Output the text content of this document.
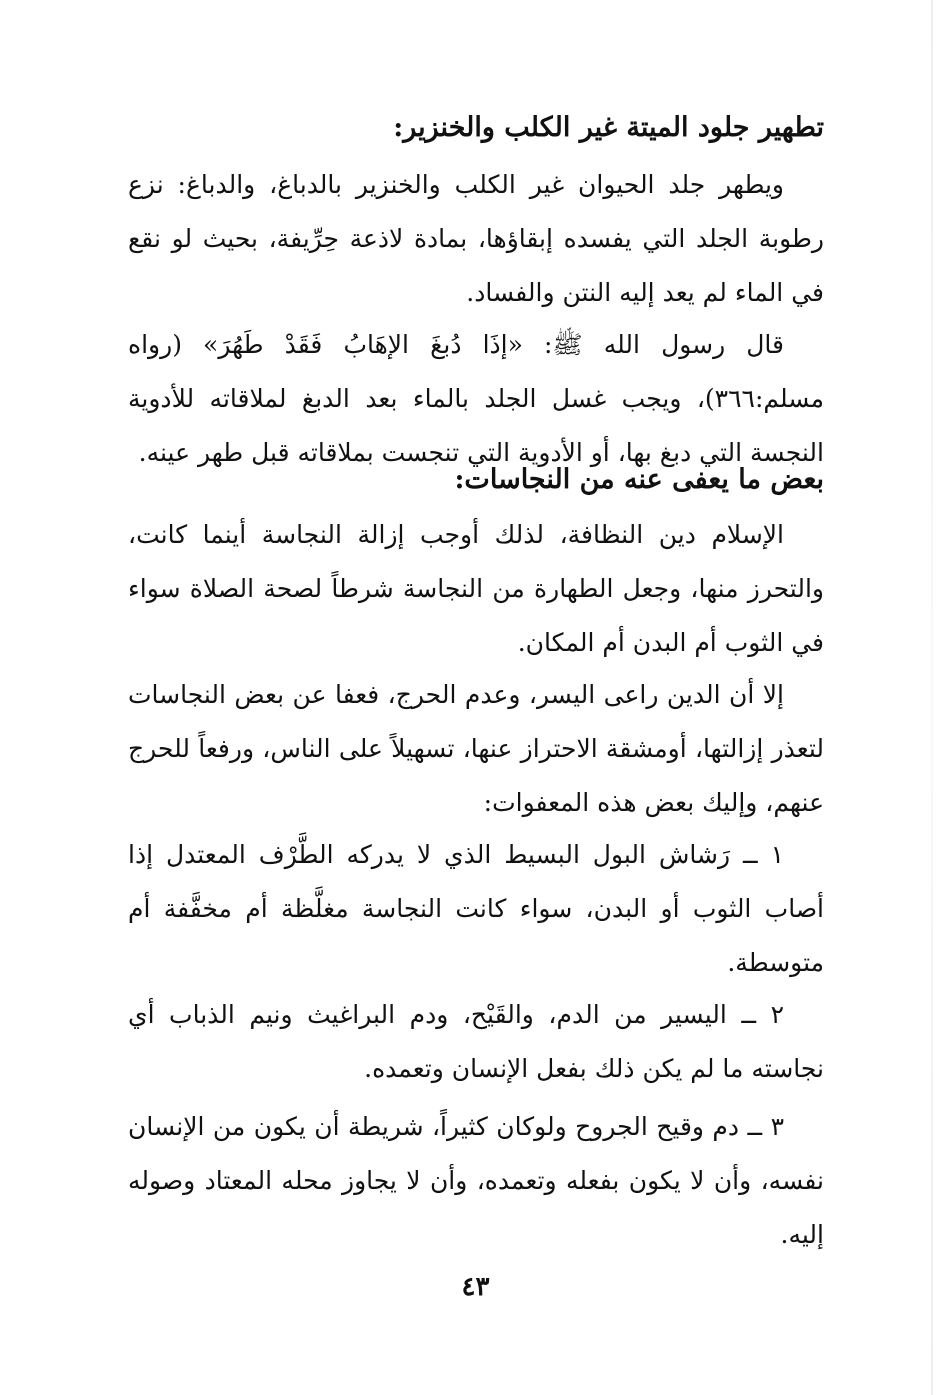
تطهير جلود الميتة غير الكلب والخنزير:

ويطهر جلد الحيوان غير الكلب والخنزير بالدباغ، والدباغ: نزع رطوبة الجلد التي يفسده إبقاؤها، بمادة لاذعة حِرِّيفة، بحيث لو نقع في الماء لم يعد إليه النتن والفساد.

قال رسول الله ﷺ: «إذَا دُبغَ الإهَابُ فَقَدْ طَهُرَ» (رواه مسلم:٣٦٦)، ويجب غسل الجلد بالماء بعد الدبغ لملاقاته للأدوية النجسة التي دبغ بها، أو الأدوية التي تنجست بملاقاته قبل طهر عينه.

بعض ما يعفى عنه من النجاسات:

الإسلام دين النظافة، لذلك أوجب إزالة النجاسة أينما كانت، والتحرز منها، وجعل الطهارة من النجاسة شرطاً لصحة الصلاة سواء في الثوب أم البدن أم المكان.

إلا أن الدين راعى اليسر، وعدم الحرج، فعفا عن بعض النجاسات لتعذر إزالتها، أومشقة الاحتراز عنها، تسهيلاً على الناس، ورفعاً للحرج عنهم، وإليك بعض هذه المعفوات:

١ ــ رَشاش البول البسيط الذي لا يدركه الطَّرْف المعتدل إذا أصاب الثوب أو البدن، سواء كانت النجاسة مغلَّظة أم مخفَّفة أم متوسطة.

٢ ــ اليسير من الدم، والقَيْح، ودم البراغيث ونيم الذباب أي نجاسته ما لم يكن ذلك بفعل الإنسان وتعمده.

٣ ــ دم وقيح الجروح ولوكان كثيراً، شريطة أن يكون من الإنسان نفسه، وأن لا يكون بفعله وتعمده، وأن لا يجاوز محله المعتاد وصوله إليه.

٤٣
